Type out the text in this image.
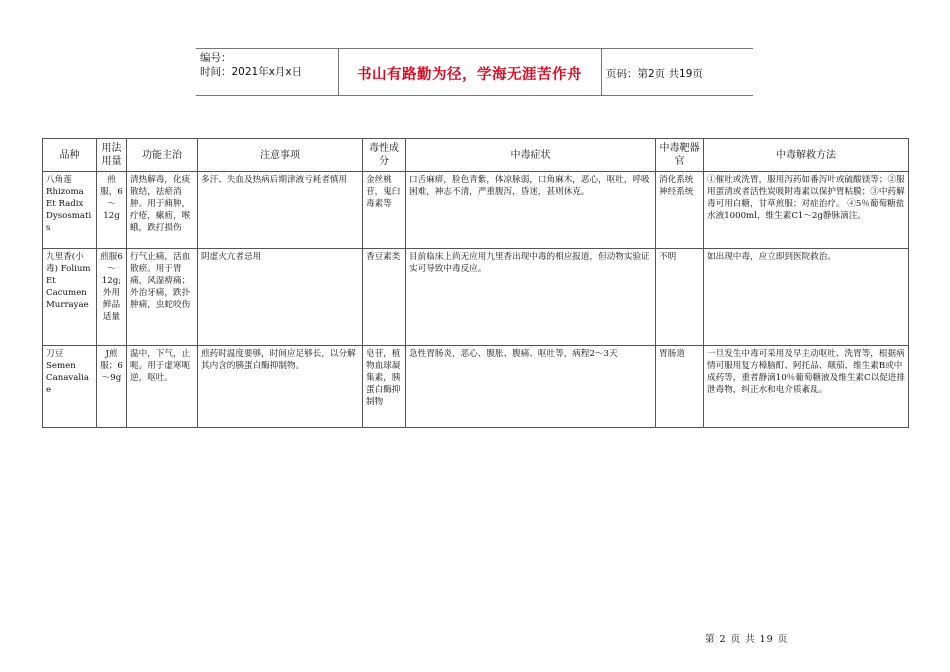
编号：
时间：2021年x月x日	书山有路勤为径，学海无涯苦作舟	页码：第2页 共19页
品种	用法用量	功能主治	注意事项	毒性成分	中毒症状	中毒靶器官	中毒解救方法
八角莲Rhizoma Et Radix Dysosmatis	煎服，6～12g	清热解毒，化痰散结，祛瘀消肿。用于痈肿，疔疮，瘰疬，喉蛾，跌打损伤	多汗、失血及热病后期津液亏耗者慎用	金丝桃苷，鬼臼毒素等	口舌麻痹，脸色青紫，体凉脉弱，口角麻木，恶心，呕吐，呼吸困难，神志不清，严重腹泻，昏迷，甚则休克。	消化系统神经系统	①催吐或洗胃，服用泻药如番泻叶或硫酸镁等；②服用蛋清或者活性炭吸附毒素以保护胃粘膜；③中药解毒可用白糖，甘草煎服；对症治疗。 ④5％葡萄糖盐水液1000ml，维生素C1～2g静脉滴注。
九里香(小毒) Folium Et Cacumen Murrayae	煎服6～12g;外用鲜品适量	行气止痛，活血散瘀。用于胃痛，风湿痹痛；外治牙痛，跌扑肿痛，虫蛇咬伤	阴虚火亢者忌用	香豆素类	目前临床上尚无应用九里香出现中毒的相应报道，但动物实验证实可导致中毒反应。	不明	如出现中毒，应立即到医院救治。
刀豆 Semen Canavaliae	J煎服；6～9g	温中，下气，止呃。用于虚寒呃逆，呕吐。	煎药时温度要够，时间应足够长，以分解其内含的胰蛋白酶抑制物。	皂苷，植物血球凝集素，胰蛋白酶抑制物	急性胃肠炎，恶心、腹胀、腹痛、呕吐等，病程2～3天	胃肠道	一旦发生中毒可采用及早主动呕吐、洗胃等，根据病情可服用复方樟脑酊、阿托品、颠茄、维生素B或中成药等，重者静滴10％葡萄糖液及维生素C以促进排泄毒物，纠正水和电介质紊乱。
第 2 页 共 19 页
